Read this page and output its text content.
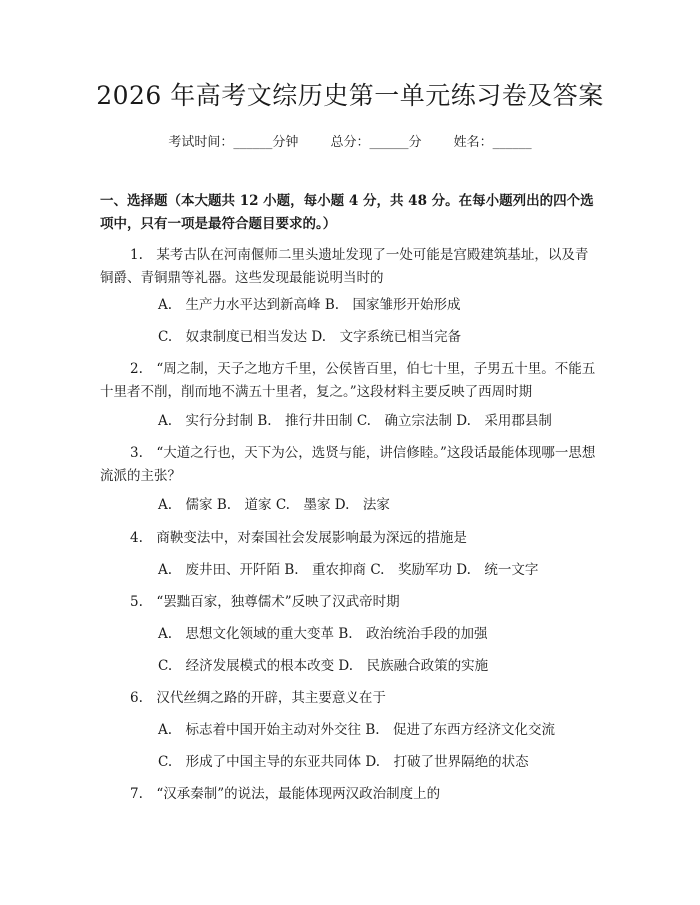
2026 年高考文综历史第一单元练习卷及答案
考试时间：______分钟 总分：______分 姓名：______
一、选择题（本大题共 12 小题，每小题 4 分，共 48 分。在每小题列出的四个选项中，只有一项是最符合题目要求的。）
1.　某考古队在河南偃师二里头遗址发现了一处可能是宫殿建筑基址，以及青铜爵、青铜鼎等礼器。这些发现最能说明当时的
A.　生产力水平达到新高峰 B.　国家雏形开始形成
C.　奴隶制度已相当发达 D.　文字系统已相当完备
2.　“周之制，天子之地方千里，公侯皆百里，伯七十里，子男五十里。不能五十里者不削，削而地不满五十里者，复之。”这段材料主要反映了西周时期
A.　实行分封制 B.　推行井田制 C.　确立宗法制 D.　采用郡县制
3.　“大道之行也，天下为公，选贤与能，讲信修睦。”这段话最能体现哪一思想流派的主张？
A.　儒家 B.　道家 C.　墨家 D.　法家
4.　商鞅变法中，对秦国社会发展影响最为深远的措施是
A.　废井田、开阡陌 B.　重农抑商 C.　奖励军功 D.　统一文字
5.　“罢黜百家，独尊儒术”反映了汉武帝时期
A.　思想文化领域的重大变革 B.　政治统治手段的加强
C.　经济发展模式的根本改变 D.　民族融合政策的实施
6.　汉代丝绸之路的开辟，其主要意义在于
A.　标志着中国开始主动对外交往 B.　促进了东西方经济文化交流
C.　形成了中国主导的东亚共同体 D.　打破了世界隔绝的状态
7.　“汉承秦制”的说法，最能体现两汉政治制度上的
